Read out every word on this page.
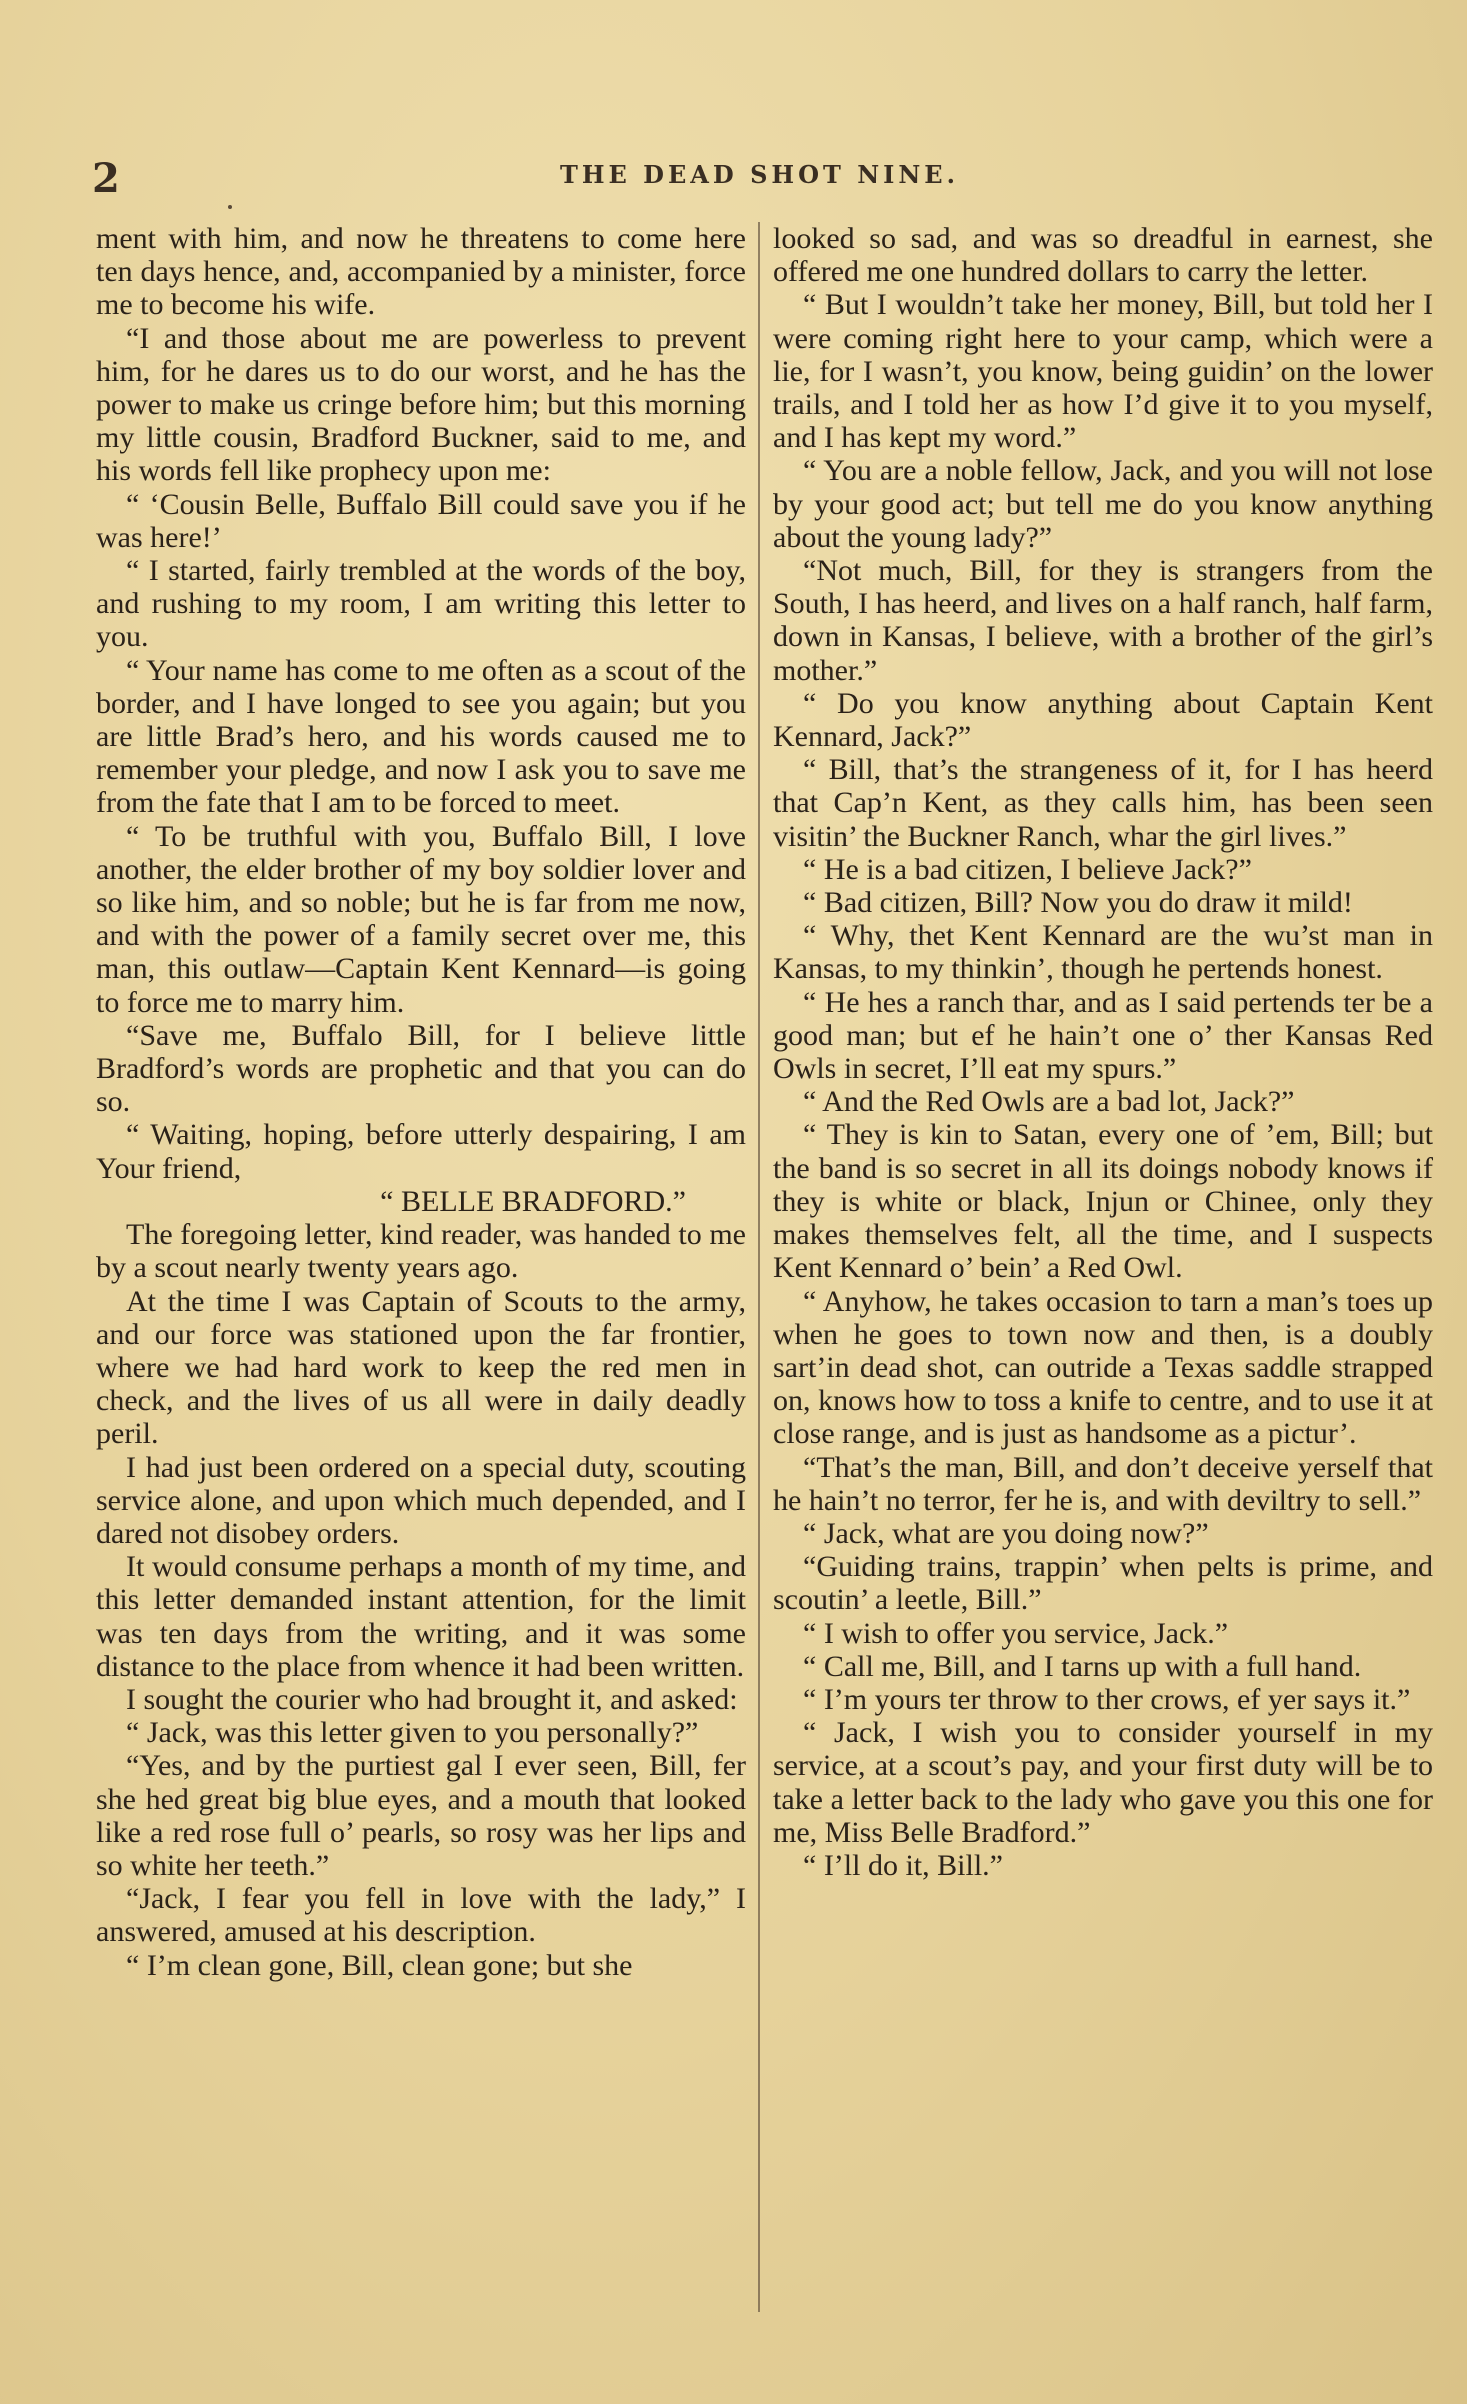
2	THE DEAD SHOT NINE.

ment with him, and now he threatens to come here ten days hence, and, accompanied by a minister, force me to become his wife.

“I and those about me are powerless to prevent him, for he dares us to do our worst, and he has the power to make us cringe before him; but this morning my little cousin, Bradford Buckner, said to me, and his words fell like prophecy upon me:

“ ‘Cousin Belle, Buffalo Bill could save you if he was here!’

“ I started, fairly trembled at the words of the boy, and rushing to my room, I am writing this letter to you.

“ Your name has come to me often as a scout of the border, and I have longed to see you again; but you are little Brad’s hero, and his words caused me to remember your pledge, and now I ask you to save me from the fate that I am to be forced to meet.

“ To be truthful with you, Buffalo Bill, I love another, the elder brother of my boy soldier lover and so like him, and so noble; but he is far from me now, and with the power of a family secret over me, this man, this outlaw—Captain Kent Kennard—is going to force me to marry him.

“Save me, Buffalo Bill, for I believe little Bradford’s words are prophetic and that you can do so.

“ Waiting, hoping, before utterly despairing, I am Your friend,

“ BELLE BRADFORD.”

The foregoing letter, kind reader, was handed to me by a scout nearly twenty years ago.

At the time I was Captain of Scouts to the army, and our force was stationed upon the far frontier, where we had hard work to keep the red men in check, and the lives of us all were in daily deadly peril.

I had just been ordered on a special duty, scouting service alone, and upon which much depended, and I dared not disobey orders.

It would consume perhaps a month of my time, and this letter demanded instant attention, for the limit was ten days from the writing, and it was some distance to the place from whence it had been written.

I sought the courier who had brought it, and asked:

“ Jack, was this letter given to you personally?”

“Yes, and by the purtiest gal I ever seen, Bill, fer she hed great big blue eyes, and a mouth that looked like a red rose full o’ pearls, so rosy was her lips and so white her teeth.”

“Jack, I fear you fell in love with the lady,” I answered, amused at his description.

“ I’m clean gone, Bill, clean gone; but she

looked so sad, and was so dreadful in earnest, she offered me one hundred dollars to carry the letter.

“ But I wouldn’t take her money, Bill, but told her I were coming right here to your camp, which were a lie, for I wasn’t, you know, being guidin’ on the lower trails, and I told her as how I’d give it to you myself, and I has kept my word.”

“ You are a noble fellow, Jack, and you will not lose by your good act; but tell me do you know anything about the young lady?”

“Not much, Bill, for they is strangers from the South, I has heerd, and lives on a half ranch, half farm, down in Kansas, I believe, with a brother of the girl’s mother.”

“ Do you know anything about Captain Kent Kennard, Jack?”

“ Bill, that’s the strangeness of it, for I has heerd that Cap’n Kent, as they calls him, has been seen visitin’ the Buckner Ranch, whar the girl lives.”

“ He is a bad citizen, I believe Jack?”

“ Bad citizen, Bill? Now you do draw it mild!

“ Why, thet Kent Kennard are the wu’st man in Kansas, to my thinkin’, though he pertends honest.

“ He hes a ranch thar, and as I said pertends ter be a good man; but ef he hain’t one o’ ther Kansas Red Owls in secret, I’ll eat my spurs.”

“ And the Red Owls are a bad lot, Jack?”

“ They is kin to Satan, every one of ’em, Bill; but the band is so secret in all its doings nobody knows if they is white or black, Injun or Chinee, only they makes themselves felt, all the time, and I suspects Kent Kennard o’ bein’ a Red Owl.

“ Anyhow, he takes occasion to tarn a man’s toes up when he goes to town now and then, is a doubly sart’in dead shot, can outride a Texas saddle strapped on, knows how to toss a knife to centre, and to use it at close range, and is just as handsome as a pictur’.

“That’s the man, Bill, and don’t deceive yerself that he hain’t no terror, fer he is, and with deviltry to sell.”

“ Jack, what are you doing now?”

“Guiding trains, trappin’ when pelts is prime, and scoutin’ a leetle, Bill.”

“ I wish to offer you service, Jack.”

“ Call me, Bill, and I tarns up with a full hand.

“ I’m yours ter throw to ther crows, ef yer says it.”

“ Jack, I wish you to consider yourself in my service, at a scout’s pay, and your first duty will be to take a letter back to the lady who gave you this one for me, Miss Belle Bradford.”

“ I’ll do it, Bill.”
